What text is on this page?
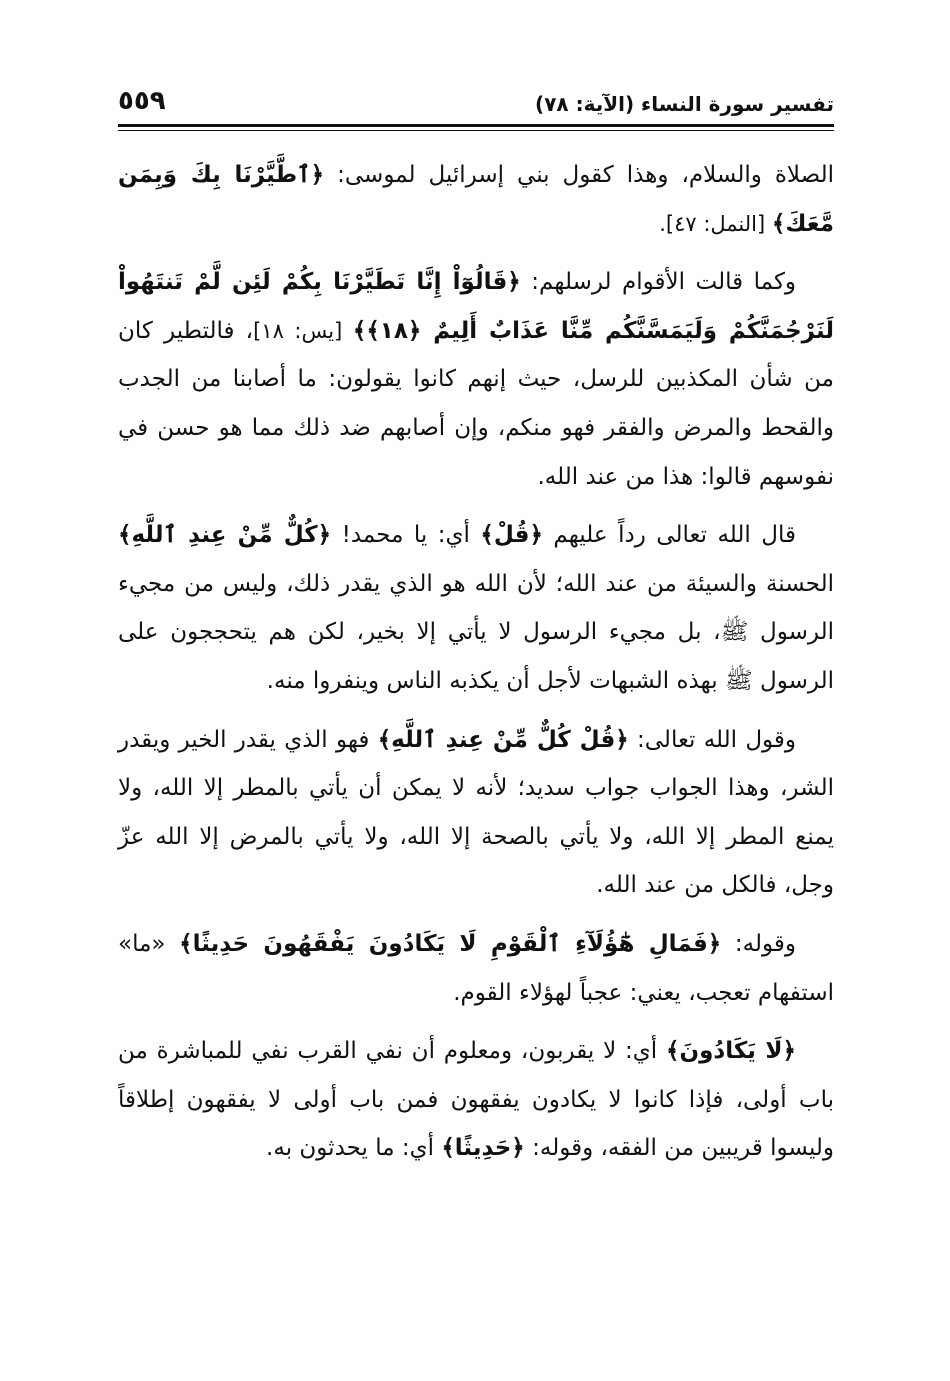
تفسير سورة النساء (الآية: ٧٨)
٥٥٩

الصلاة والسلام، وهذا كقول بني إسرائيل لموسى: ﴿ٱطَّيَّرْنَا بِكَ وَبِمَن مَّعَكَ﴾ [النمل: ٤٧].

وكما قالت الأقوام لرسلهم: ﴿قَالُوٓاْ إِنَّا تَطَيَّرْنَا بِكُمْ لَئِن لَّمْ تَنتَهُواْ لَنَرْجُمَنَّكُمْ وَلَيَمَسَّنَّكُم مِّنَّا عَذَابٌ أَلِيمٌ ﴿١٨﴾﴾ [يس: ١٨]، فالتطير كان من شأن المكذبين للرسل، حيث إنهم كانوا يقولون: ما أصابنا من الجدب والقحط والمرض والفقر فهو منكم، وإن أصابهم ضد ذلك مما هو حسن في نفوسهم قالوا: هذا من عند الله.

قال الله تعالى رداً عليهم ﴿قُلْ﴾ أي: يا محمد! ﴿كُلٌّ مِّنْ عِندِ ٱللَّهِ﴾ الحسنة والسيئة من عند الله؛ لأن الله هو الذي يقدر ذلك، وليس من مجيء الرسول ﷺ، بل مجيء الرسول لا يأتي إلا بخير، لكن هم يتحججون على الرسول ﷺ بهذه الشبهات لأجل أن يكذبه الناس وينفروا منه.

وقول الله تعالى: ﴿قُلْ كُلٌّ مِّنْ عِندِ ٱللَّهِ﴾ فهو الذي يقدر الخير ويقدر الشر، وهذا الجواب جواب سديد؛ لأنه لا يمكن أن يأتي بالمطر إلا الله، ولا يمنع المطر إلا الله، ولا يأتي بالصحة إلا الله، ولا يأتي بالمرض إلا الله عزّ وجل، فالكل من عند الله.

وقوله: ﴿فَمَالِ هَٰٓؤُلَآءِ ٱلْقَوْمِ لَا يَكَادُونَ يَفْقَهُونَ حَدِيثًا﴾ «ما» استفهام تعجب، يعني: عجباً لهؤلاء القوم.

﴿لَا يَكَادُونَ﴾ أي: لا يقربون، ومعلوم أن نفي القرب نفي للمباشرة من باب أولى، فإذا كانوا لا يكادون يفقهون فمن باب أولى لا يفقهون إطلاقاً وليسوا قريبين من الفقه، وقوله: ﴿حَدِيثًا﴾ أي: ما يحدثون به.
